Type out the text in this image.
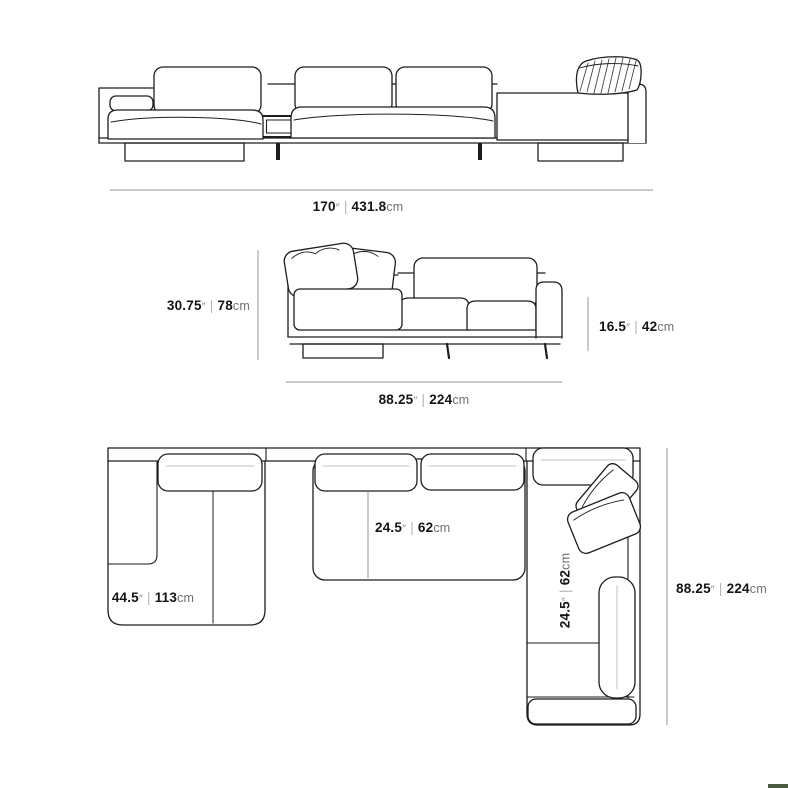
170″ | 431.8cm
30.75″ | 78cm
16.5″ | 42cm
88.25″ | 224cm
24.5″ | 62cm
44.5″ | 113cm
24.5″|62cm
88.25″ | 224cm
